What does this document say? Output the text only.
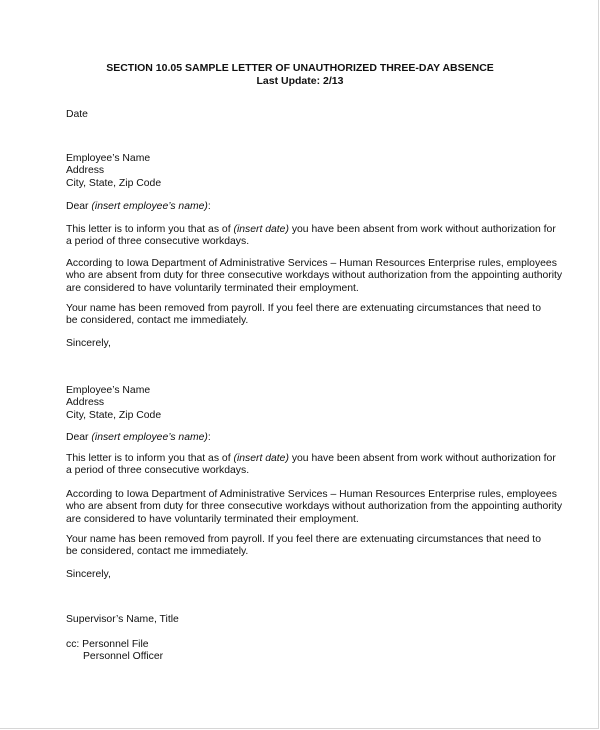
SECTION 10.05 SAMPLE LETTER OF UNAUTHORIZED THREE-DAY ABSENCE
Last Update: 2/13
Date
Employee’s Name
Address
City, State, Zip Code
Dear (insert employee’s name):
This letter is to inform you that as of (insert date) you have been absent from work without authorization for
a period of three consecutive workdays.
According to Iowa Department of Administrative Services – Human Resources Enterprise rules, employees
who are absent from duty for three consecutive workdays without authorization from the appointing authority
are considered to have voluntarily terminated their employment.
Your name has been removed from payroll. If you feel there are extenuating circumstances that need to
be considered, contact me immediately.
Sincerely,
Employee’s Name
Address
City, State, Zip Code
Dear (insert employee’s name):
This letter is to inform you that as of (insert date) you have been absent from work without authorization for
a period of three consecutive workdays.
According to Iowa Department of Administrative Services – Human Resources Enterprise rules, employees
who are absent from duty for three consecutive workdays without authorization from the appointing authority
are considered to have voluntarily terminated their employment.
Your name has been removed from payroll. If you feel there are extenuating circumstances that need to
be considered, contact me immediately.
Sincerely,
Supervisor’s Name, Title
cc: Personnel File
Personnel Officer
